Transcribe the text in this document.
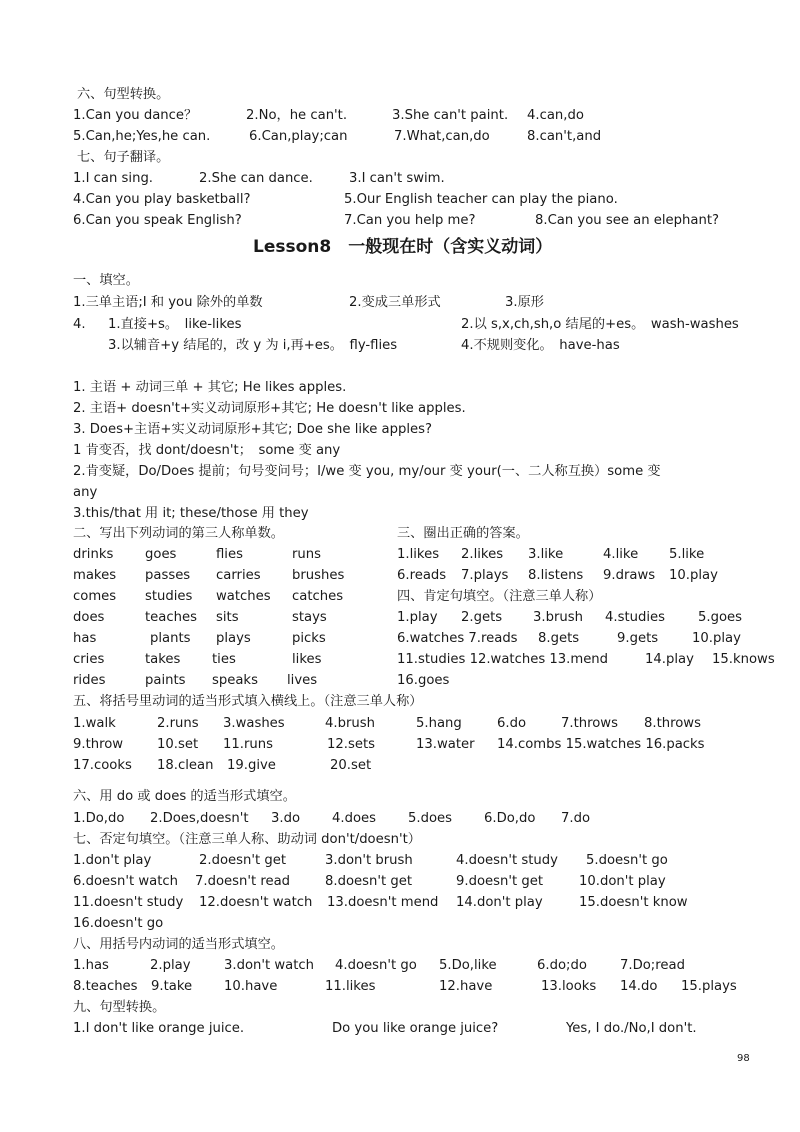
Lesson8　一般现在时（含实义动词）
98
六、句型转换。
1.Can you dance？	2.No，he can't.	3.She can't paint. 4.can,do
5.Can,he;Yes,he can.	6.Can,play;can	7.What,can,do	8.can't,and
七、句子翻译。
1.I can sing.	2.She can dance.	3.I can't swim.
4.Can you play basketball?	5.Our English teacher can play the piano.
6.Can you speak English?	7.Can you help me?	8.Can you see an elephant?
一、填空。
1.三单主语;I 和 you 除外的单数	2.变成三单形式	3.原形
4. 1.直接+s。　like-likes	2.以 s,x,ch,sh,o 结尾的+es。　wash-washes
3.以辅音+y 结尾的，改 y 为 i,再+es。　fly-flies	4.不规则变化。　have-has
1. 主语 + 动词三单 + 其它; He likes apples.
2. 主语+ doesn't+实义动词原形+其它; He doesn't like apples.
3. Does+主语+实义动词原形+其它; Doe she like apples?
1 肯变否，找 dont/doesn't；　some 变 any
2.肯变疑，Do/Does 提前；句号变问号；I/we 变 you, my/our 变 your(一、二人称互换）some 变
any
3.this/that 用 it; these/those 用 they
二、写出下列动词的第三人称单数。	三、圈出正确的答案。
drinks goes	flies	runs	1.likes 2.likes 3.like	4.like 5.like
makes passes carries brushes	6.reads 7.plays 8.listens 9.draws 10.play
comes studies watches catches	四、肯定句填空。（注意三单人称）
does	teaches sits	stays	1.play 2.gets 3.brush 4.studies 5.goes
has	plants plays	picks	6.watches 7.reads 8.gets	9.gets	10.play
cries	takes ties	likes	11.studies 12.watches 13.mend	14.play 15.knows
rides	paints speaks lives	16.goes
五、将括号里动词的适当形式填入横线上。（注意三单人称）
1.walk	2.runs 3.washes	4.brush	5.hang	6.do	7.throws 8.throws
9.throw	10.set 11.runs	12.sets	13.water 14.combs 15.watches 16.packs
17.cooks 18.clean 19.give	20.set
六、用 do 或 does 的适当形式填空。
1.Do,do 2.Does,doesn't 3.do 4.does 5.does 6.Do,do 7.do
七、否定句填空。（注意三单人称、助动词 don't/doesn't）
1.don't play	2.doesn't get	3.don't brush	4.doesn't study 5.doesn't go
6.doesn't watch 7.doesn't read	8.doesn't get	9.doesn't get	10.don't play
11.doesn't study 12.doesn't watch 13.doesn't mend 14.don't play	15.doesn't know
16.doesn't go
八、用括号内动词的适当形式填空。
1.has	2.play	3.don't watch 4.doesn't go 5.Do,like	6.do;do	7.Do;read
8.teaches 9.take 10.have	11.likes	12.have	13.looks 14.do 15.plays
九、句型转换。
1.I don't like orange juice.	Do you like orange juice?	Yes, I do./No,I don't.
